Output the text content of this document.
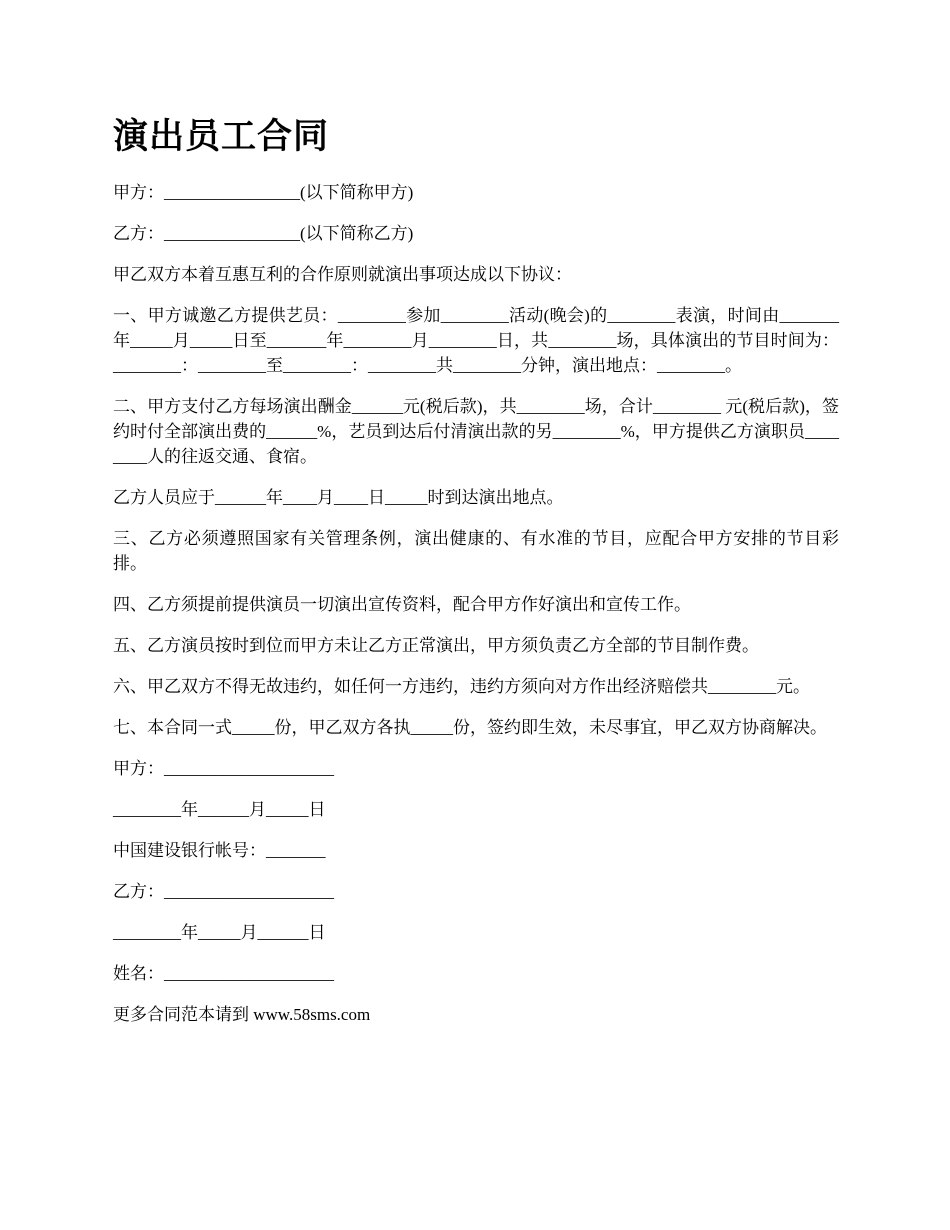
演出员工合同

甲方：________________(以下简称甲方)

乙方：________________(以下简称乙方)

甲乙双方本着互惠互利的合作原则就演出事项达成以下协议：

一、甲方诚邀乙方提供艺员：________参加________活动(晚会)的________表演，时间由_______年_____月_____日至_______年________月________日，共________场，具体演出的节目时间为：________：________至________：________共________分钟，演出地点：________。

二、甲方支付乙方每场演出酬金______元(税后款)，共________场，合计________ 元(税后款)，签约时付全部演出费的______%，艺员到达后付清演出款的另________%，甲方提供乙方演职员________人的往返交通、食宿。

乙方人员应于______年____月____日_____时到达演出地点。

三、乙方必须遵照国家有关管理条例，演出健康的、有水准的节目，应配合甲方安排的节目彩排。

四、乙方须提前提供演员一切演出宣传资料，配合甲方作好演出和宣传工作。

五、乙方演员按时到位而甲方未让乙方正常演出，甲方须负责乙方全部的节目制作费。

六、甲乙双方不得无故违约，如任何一方违约，违约方须向对方作出经济赔偿共________元。

七、本合同一式_____份，甲乙双方各执_____份，签约即生效，未尽事宜，甲乙双方协商解决。

甲方：____________________

________年______月_____日

中国建设银行帐号：_______

乙方：____________________

________年_____月______日

姓名：____________________

更多合同范本请到 www.58sms.com
